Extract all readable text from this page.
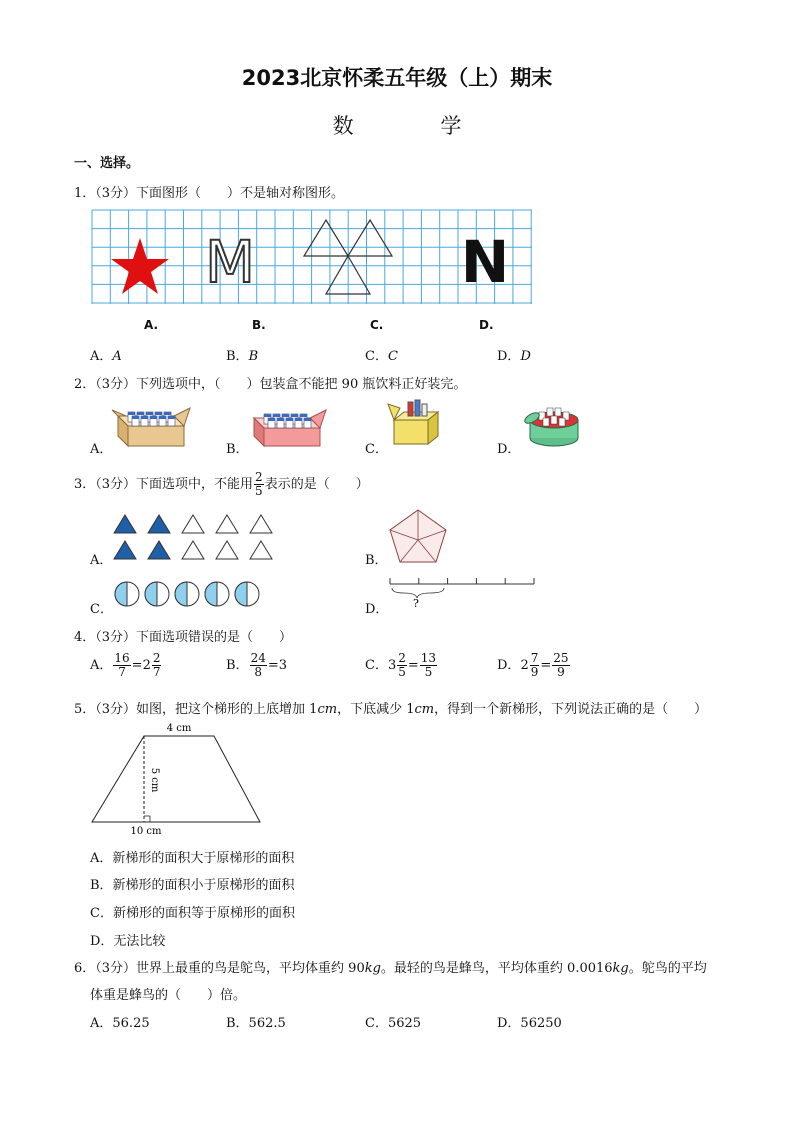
2023北京怀柔五年级（上）期末
数 学
一、选择。
1．（3分）下面图形（　　）不是轴对称图形。
M	N
A.	B.	C.	D.
A．A	B．B	C．C	D．D
2．（3分）下列选项中，（　　）包装盒不能把 90 瓶饮料正好装完。
A．	B．	C．	D．
3．（3分）下面选项中，不能用 $\frac{2}{5}$ 表示的是（　　）
A．	B．
C．	D． ?
4．（3分）下面选项错误的是（　　）
A． $\frac{16}{7} =2 \frac{2}{7}$	B． $\frac{24}{8} =3$	C．$3 \frac{2}{5} = \frac{13}{5}$	D．$2 \frac{7}{9} = \frac{25}{9}$
5．（3分）如图，把这个梯形的上底增加 1cm，下底减少 1cm，得到一个新梯形，下列说法正确的是（　　）
4 cm
5 cm
10 cm
A．新梯形的面积大于原梯形的面积
B．新梯形的面积小于原梯形的面积
C．新梯形的面积等于原梯形的面积
D．无法比较
6．（3分）世界上最重的鸟是鸵鸟，平均体重约 90kg。最轻的鸟是蜂鸟，平均体重约 0.0016kg。鸵鸟的平均
体重是蜂鸟的（　　）倍。
A．56.25	B．562.5	C．5625	D．56250
